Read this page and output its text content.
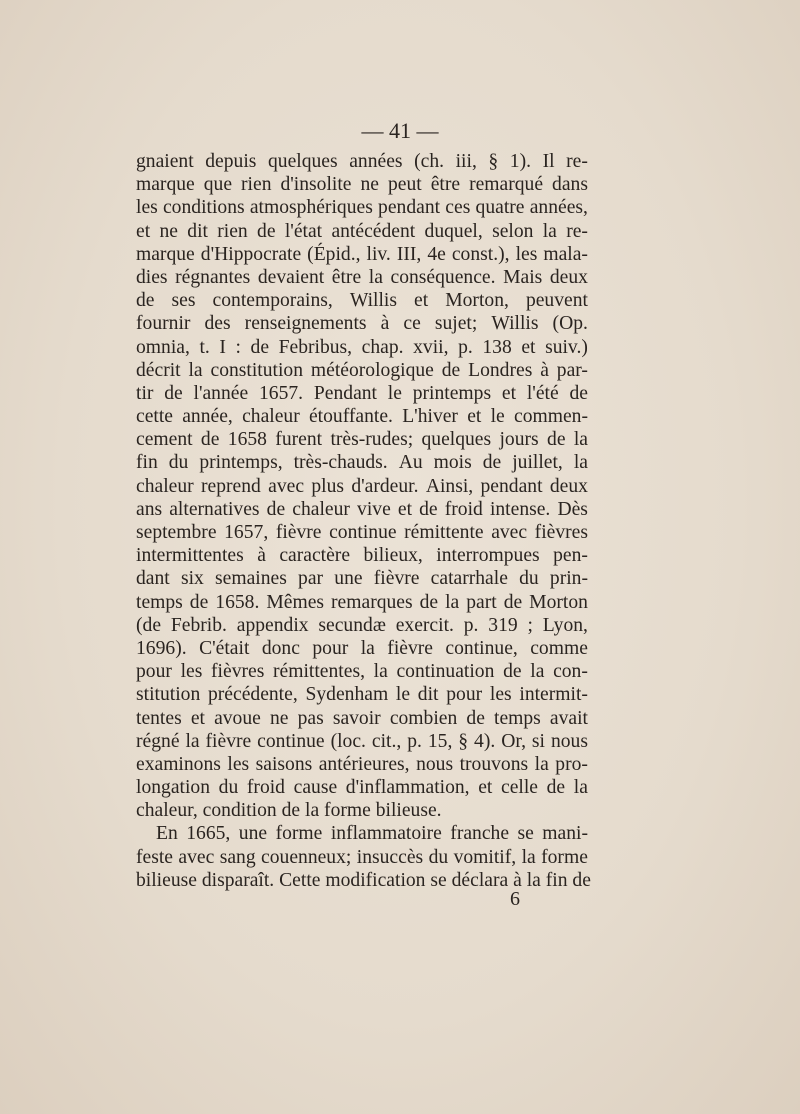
— 41 —
gnaient depuis quelques années (ch. iii, § 1). Il re-
marque que rien d'insolite ne peut être remarqué dans
les conditions atmosphériques pendant ces quatre années,
et ne dit rien de l'état antécédent duquel, selon la re-
marque d'Hippocrate (Épid., liv. III, 4e const.), les mala-
dies régnantes devaient être la conséquence. Mais deux
de ses contemporains, Willis et Morton, peuvent
fournir des renseignements à ce sujet; Willis (Op.
omnia, t. I : de Febribus, chap. xvii, p. 138 et suiv.)
décrit la constitution météorologique de Londres à par-
tir de l'année 1657. Pendant le printemps et l'été de
cette année, chaleur étouffante. L'hiver et le commen-
cement de 1658 furent très-rudes; quelques jours de la
fin du printemps, très-chauds. Au mois de juillet, la
chaleur reprend avec plus d'ardeur. Ainsi, pendant deux
ans alternatives de chaleur vive et de froid intense. Dès
septembre 1657, fièvre continue rémittente avec fièvres
intermittentes à caractère bilieux, interrompues pen-
dant six semaines par une fièvre catarrhale du prin-
temps de 1658. Mêmes remarques de la part de Morton
(de Febrib. appendix secundæ exercit. p. 319 ; Lyon,
1696). C'était donc pour la fièvre continue, comme
pour les fièvres rémittentes, la continuation de la con-
stitution précédente, Sydenham le dit pour les intermit-
tentes et avoue ne pas savoir combien de temps avait
régné la fièvre continue (loc. cit., p. 15, § 4). Or, si nous
examinons les saisons antérieures, nous trouvons la pro-
longation du froid cause d'inflammation, et celle de la
chaleur, condition de la forme bilieuse.
En 1665, une forme inflammatoire franche se mani-
feste avec sang couenneux; insuccès du vomitif, la forme
bilieuse disparaît. Cette modification se déclara à la fin de
6
